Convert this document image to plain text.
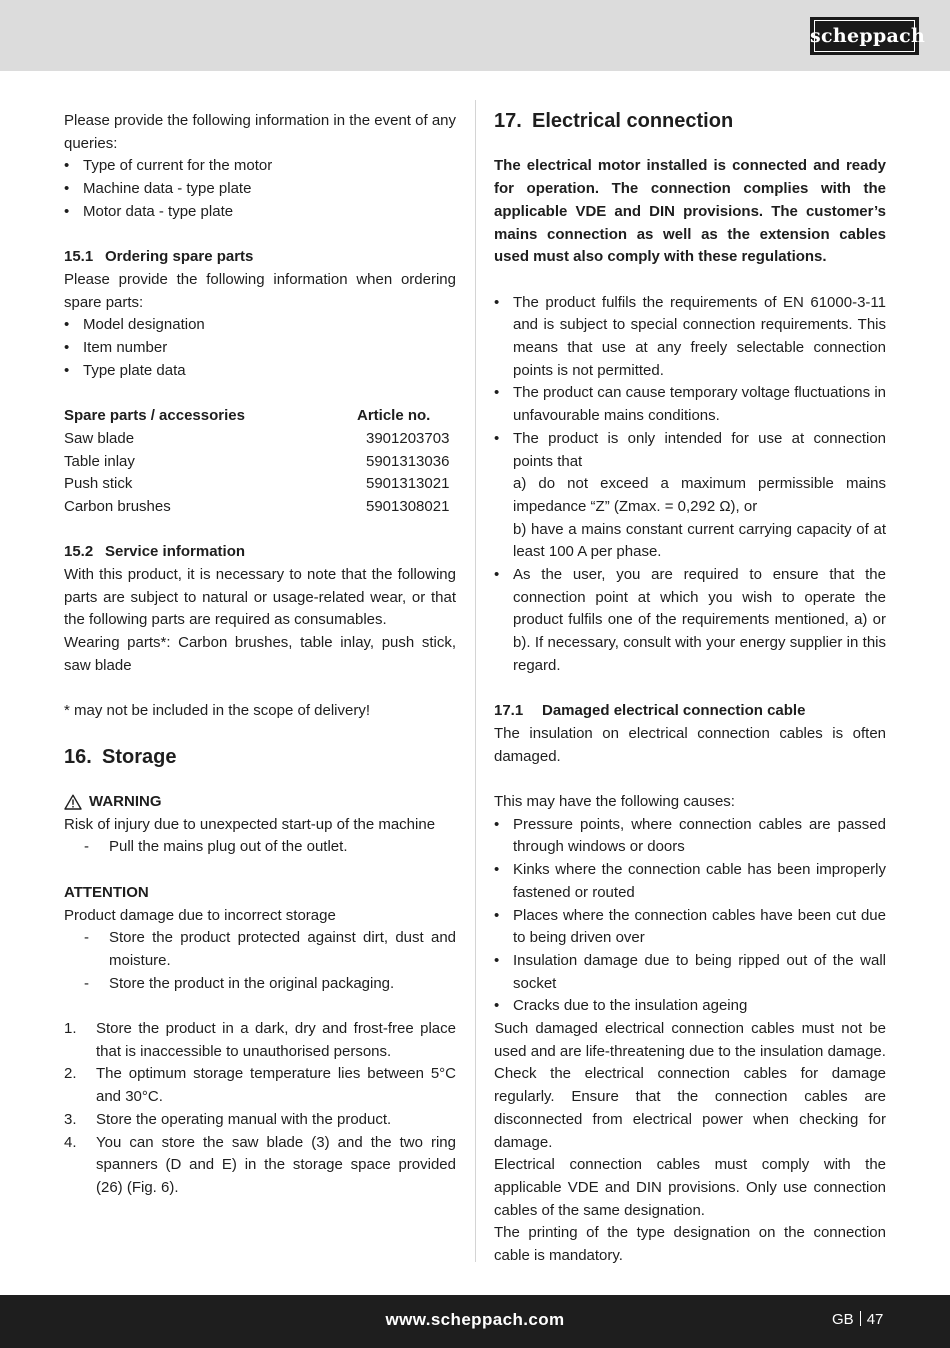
scheppach

Please provide the following information in the event of any queries:

• Type of current for the motor
• Machine data - type plate
• Motor data - type plate
15.1 Ordering spare parts

Please provide the following information when ordering spare parts:

• Model designation
• Item number
• Type plate data
Spare parts / accessories	Article no.
Saw blade	3901203703
Table inlay	5901313036
Push stick	5901313021
Carbon brushes	5901308021
15.2 Service information

With this product, it is necessary to note that the following parts are subject to natural or usage-related wear, or that the following parts are required as consumables.

Wearing parts*: Carbon brushes, table inlay, push stick, saw blade

* may not be included in the scope of delivery!

16. Storage
WARNING

Risk of injury due to unexpected start-up of the machine

- Pull the mains plug out of the outlet.
ATTENTION

Product damage due to incorrect storage

- Store the product protected against dirt, dust and moisture.
- Store the product in the original packaging.
1. Store the product in a dark, dry and frost-free place that is inaccessible to unauthorised persons.
2. The optimum storage temperature lies between 5°C and 30°C.
3. Store the operating manual with the product.
4. You can store the saw blade (3) and the two ring spanners (D and E) in the storage space provided (26) (Fig. 6).
17. Electrical connection

The electrical motor installed is connected and ready for operation. The connection complies with the applicable VDE and DIN provisions. The customer’s mains connection as well as the extension cables used must also comply with these regulations.

• The product fulfils the requirements of EN 61000-3-11 and is subject to special connection requirements. This means that use at any freely selectable connection points is not permitted.
• The product can cause temporary voltage fluctuations in unfavourable mains conditions.
• The product is only intended for use at connection points that
a) do not exceed a maximum permissible mains impedance “Z” (Zmax. = 0,292 Ω), or
b) have a mains constant current carrying capacity of at least 100 A per phase.
• As the user, you are required to ensure that the connection point at which you wish to operate the product fulfils one of the requirements mentioned, a) or b). If necessary, consult with your energy supplier in this regard.
17.1 Damaged electrical connection cable

The insulation on electrical connection cables is often damaged.

This may have the following causes:

• Pressure points, where connection cables are passed through windows or doors
• Kinks where the connection cable has been improperly fastened or routed
• Places where the connection cables have been cut due to being driven over
• Insulation damage due to being ripped out of the wall socket
• Cracks due to the insulation ageing

Such damaged electrical connection cables must not be used and are life-threatening due to the insulation damage.

Check the electrical connection cables for damage regularly. Ensure that the connection cables are disconnected from electrical power when checking for damage.

Electrical connection cables must comply with the applicable VDE and DIN provisions. Only use connection cables of the same designation.

The printing of the type designation on the connection cable is mandatory.

www.scheppach.com	GB 47
